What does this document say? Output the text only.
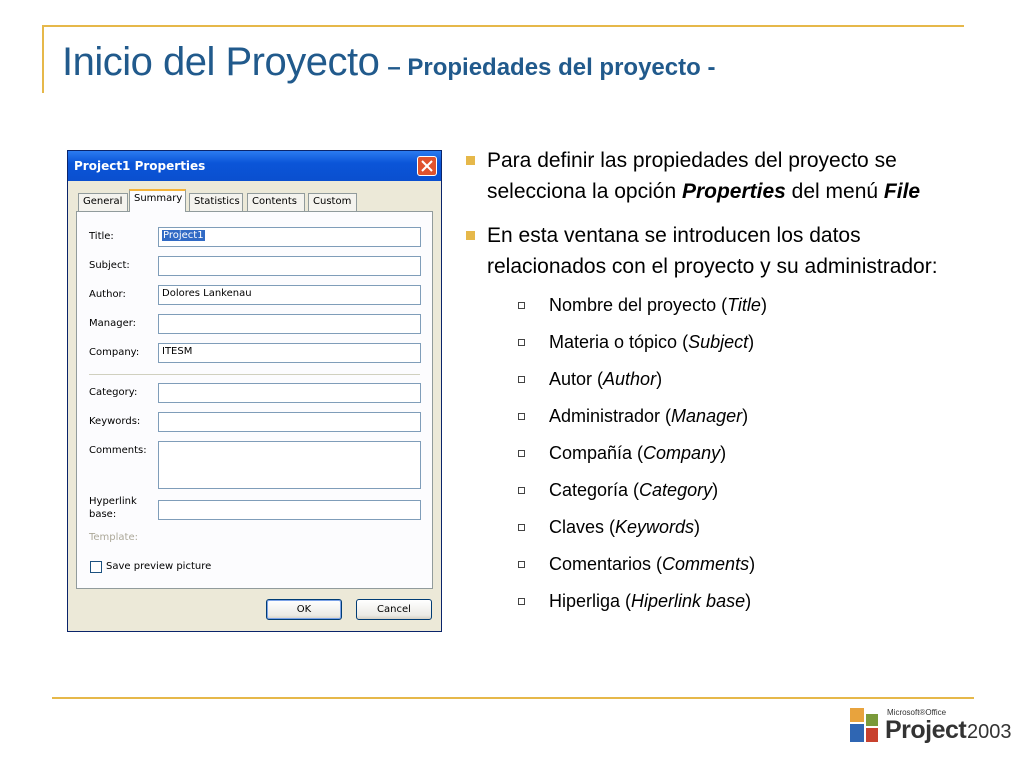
Inicio del Proyecto – Propiedades del proyecto -
Project1 Properties
General	Summary	Statistics	Contents	Custom
Title:	Project1
Subject:
Author:	Dolores Lankenau
Manager:
Company:	ITESM
Category:
Keywords:
Comments:
Hyperlink
base:
Template:
Save preview picture
OK	Cancel
Para definir las propiedades del proyecto se
selecciona la opción Properties del menú File
En esta ventana se introducen los datos
relacionados con el proyecto y su administrador:
Nombre del proyecto (Title)
Materia o tópico (Subject)
Autor (Author)
Administrador (Manager)
Compañía (Company)
Categoría (Category)
Claves (Keywords)
Comentarios (Comments)
Hiperliga (Hiperlink base)
Microsoft®Office
Project 2003
